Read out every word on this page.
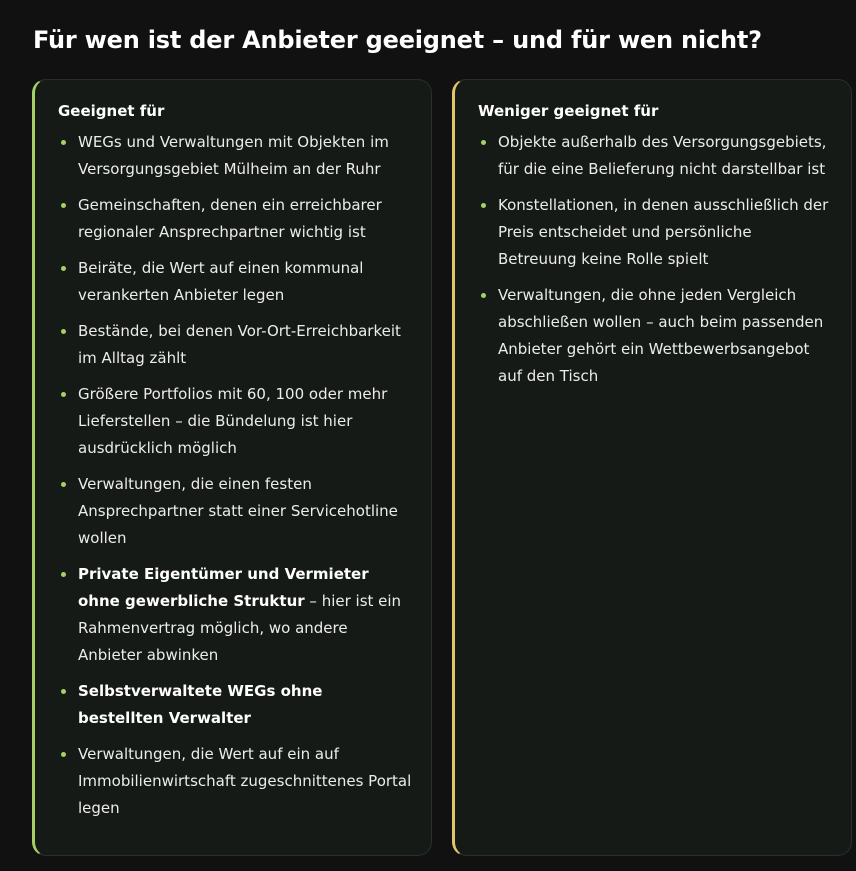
Für wen ist der Anbieter geeignet – und für wen nicht?
Geeignet für
WEGs und Verwaltungen mit Objekten im Versorgungsgebiet Mülheim an der Ruhr
Gemeinschaften, denen ein erreichbarer regionaler Ansprechpartner wichtig ist
Beiräte, die Wert auf einen kommunal verankerten Anbieter legen
Bestände, bei denen Vor-Ort-Erreichbarkeit im Alltag zählt
Größere Portfolios mit 60, 100 oder mehr Lieferstellen – die Bündelung ist hier ausdrücklich möglich
Verwaltungen, die einen festen Ansprechpartner statt einer Servicehotline wollen
Private Eigentümer und Vermieter ohne gewerbliche Struktur – hier ist ein Rahmenvertrag möglich, wo andere Anbieter abwinken
Selbstverwaltete WEGs ohne bestellten Verwalter
Verwaltungen, die Wert auf ein auf Immobilienwirtschaft zugeschnittenes Portal legen
Weniger geeignet für
Objekte außerhalb des Versorgungsgebiets, für die eine Belieferung nicht darstellbar ist
Konstellationen, in denen ausschließlich der Preis entscheidet und persönliche Betreuung keine Rolle spielt
Verwaltungen, die ohne jeden Vergleich abschließen wollen – auch beim passenden Anbieter gehört ein Wettbewerbsangebot auf den Tisch
